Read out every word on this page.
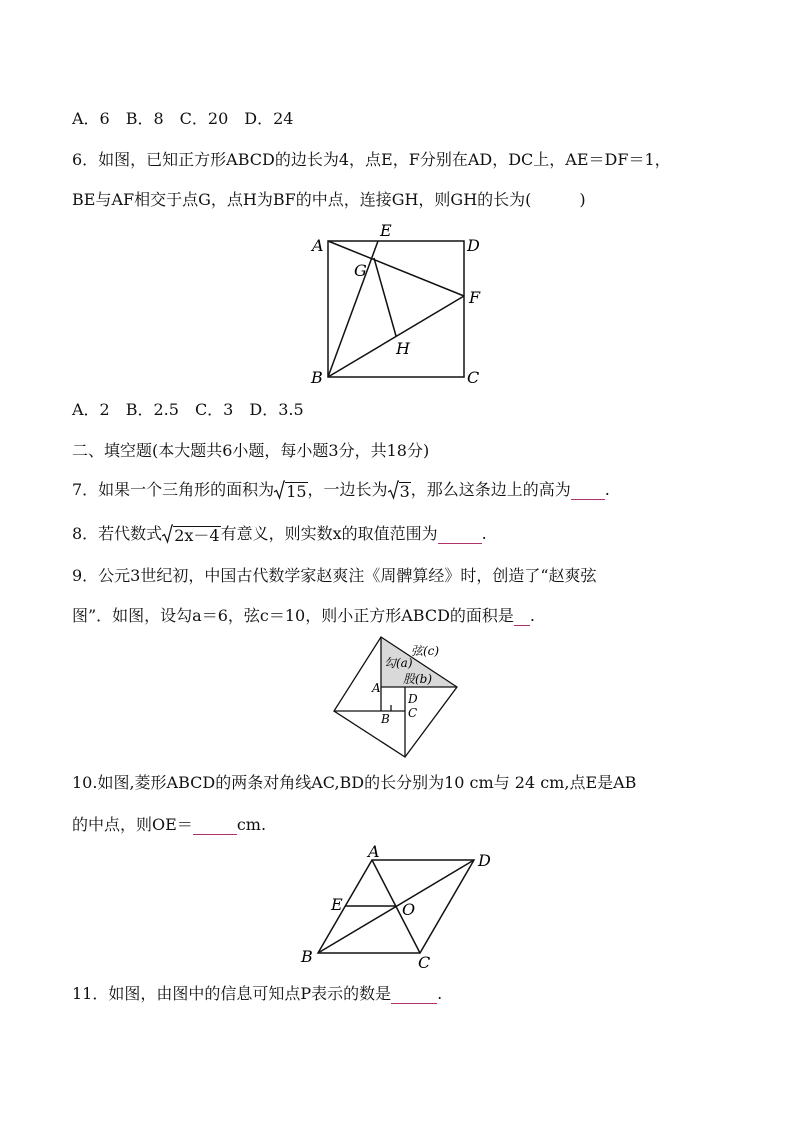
A．6　B．8　C．20　D．24
6．如图，已知正方形ABCD的边长为4，点E，F分别在AD，DC上，AE＝DF＝1，
BE与AF相交于点G，点H为BF的中点，连接GH，则GH的长为(　　　)
A
E
D
G
F
H
B	C
A．2　B．2.5　C．3　D．3.5
二、填空题(本大题共6小题，每小题3分，共18分)
7．如果一个三角形的面积为 15 ，一边长为 3 ，那么这条边上的高为 .
8．若代数式 2x－4 有意义，则实数x的取值范围为	.
9．公元3世纪初，中国古代数学家赵爽注《周髀算经》时，创造了“赵爽弦
图”．如图，设勾a＝6，弦c＝10，则小正方形ABCD的面积是 .
弦(c)
勾(a)
股(b)
A
D
C
B
10.如图,菱形ABCD的两条对角线AC,BD的长分别为10 cm与 24 cm,点E是AB
的中点，则OE＝	cm.
A	D
E	O
B	C
11．如图，由图中的信息可知点P表示的数是	.
